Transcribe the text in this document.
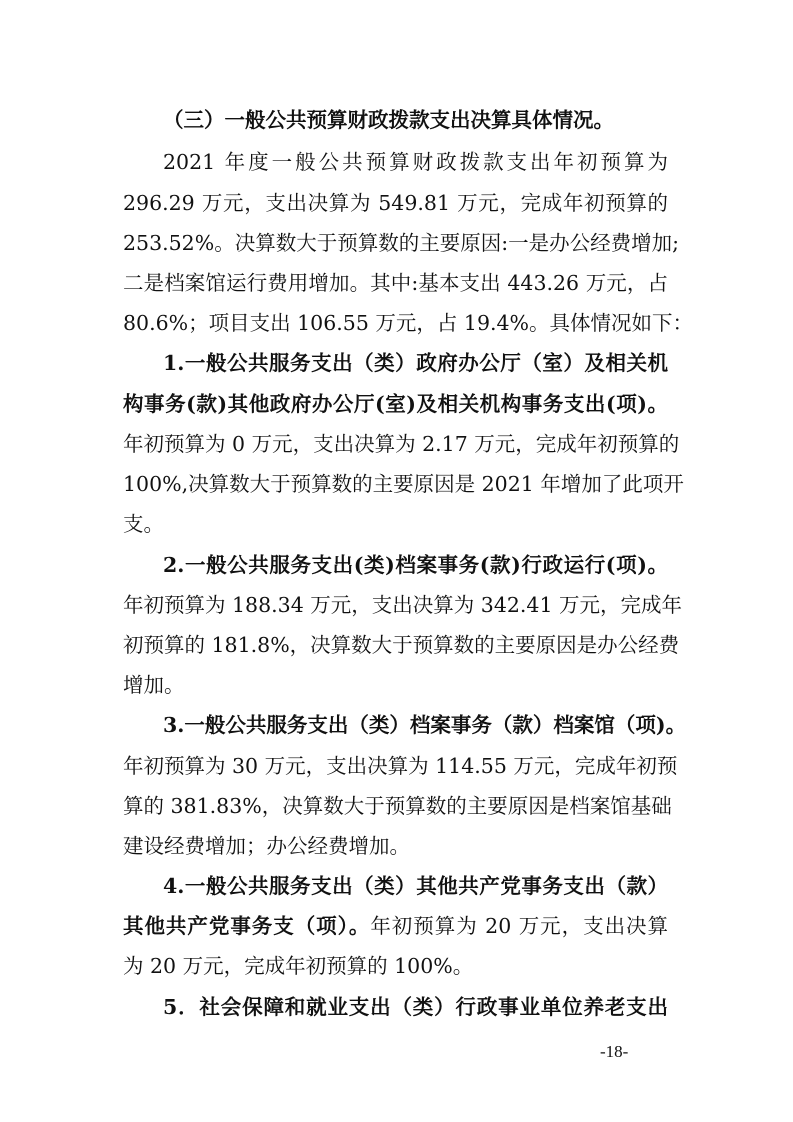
（三）一般公共预算财政拨款支出决算具体情况。
2021 年度一般公共预算财政拨款支出年初预算为
296.29 万元，支出决算为 549.81 万元，完成年初预算的
253.52%。决算数大于预算数的主要原因:一是办公经费增加;
二是档案馆运行费用增加。其中:基本支出 443.26 万元，占
80.6%；项目支出 106.55 万元，占 19.4%。具体情况如下：
1.一般公共服务支出（类）政府办公厅（室）及相关机
构事务(款)其他政府办公厅(室)及相关机构事务支出(项)。
年初预算为 0 万元，支出决算为 2.17 万元，完成年初预算的
100%,决算数大于预算数的主要原因是 2021 年增加了此项开
支。
2.一般公共服务支出(类)档案事务(款)行政运行(项)。
年初预算为 188.34 万元，支出决算为 342.41 万元，完成年
初预算的 181.8%，决算数大于预算数的主要原因是办公经费
增加。
3.一般公共服务支出（类）档案事务（款）档案馆（项)。
年初预算为 30 万元，支出决算为 114.55 万元，完成年初预
算的 381.83%，决算数大于预算数的主要原因是档案馆基础
建设经费增加；办公经费增加。
4.一般公共服务支出（类）其他共产党事务支出（款）
其他共产党事务支（项）。年初预算为 20 万元，支出决算
为 20 万元，完成年初预算的 100%。
5．社会保障和就业支出（类）行政事业单位养老支出
-18-
